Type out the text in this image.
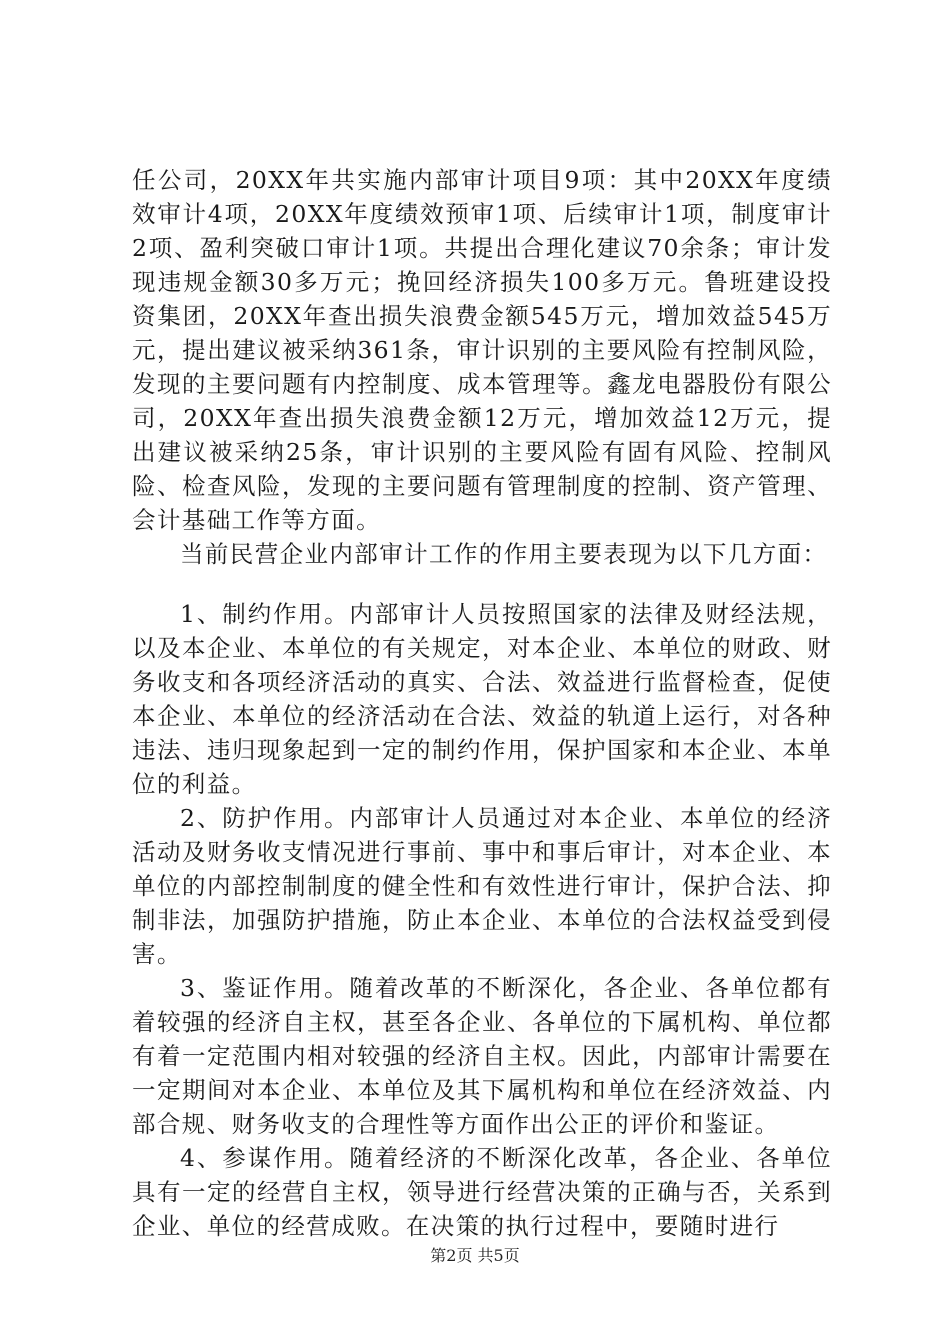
任公司，20XX年共实施内部审计项目9项：其中20XX年度绩效审计4项，20XX年度绩效预审1项、后续审计1项，制度审计2项、盈利突破口审计1项。共提出合理化建议70余条；审计发现违规金额30多万元；挽回经济损失100多万元。鲁班建设投资集团，20XX年查出损失浪费金额545万元，增加效益545万元，提出建议被采纳361条，审计识别的主要风险有控制风险，发现的主要问题有内控制度、成本管理等。鑫龙电器股份有限公司，20XX年查出损失浪费金额12万元，增加效益12万元，提出建议被采纳25条，审计识别的主要风险有固有风险、控制风险、检查风险，发现的主要问题有管理制度的控制、资产管理、会计基础工作等方面。

当前民营企业内部审计工作的作用主要表现为以下几方面：

1、制约作用。内部审计人员按照国家的法律及财经法规，以及本企业、本单位的有关规定，对本企业、本单位的财政、财务收支和各项经济活动的真实、合法、效益进行监督检查，促使本企业、本单位的经济活动在合法、效益的轨道上运行，对各种违法、违归现象起到一定的制约作用，保护国家和本企业、本单位的利益。

2、防护作用。内部审计人员通过对本企业、本单位的经济活动及财务收支情况进行事前、事中和事后审计，对本企业、本单位的内部控制制度的健全性和有效性进行审计，保护合法、抑制非法，加强防护措施，防止本企业、本单位的合法权益受到侵害。

3、鉴证作用。随着改革的不断深化，各企业、各单位都有着较强的经济自主权，甚至各企业、各单位的下属机构、单位都有着一定范围内相对较强的经济自主权。因此，内部审计需要在一定期间对本企业、本单位及其下属机构和单位在经济效益、内部合规、财务收支的合理性等方面作出公正的评价和鉴证。

4、参谋作用。随着经济的不断深化改革，各企业、各单位具有一定的经营自主权，领导进行经营决策的正确与否，关系到企业、单位的经营成败。在决策的执行过程中，要随时进行

第2页 共5页
